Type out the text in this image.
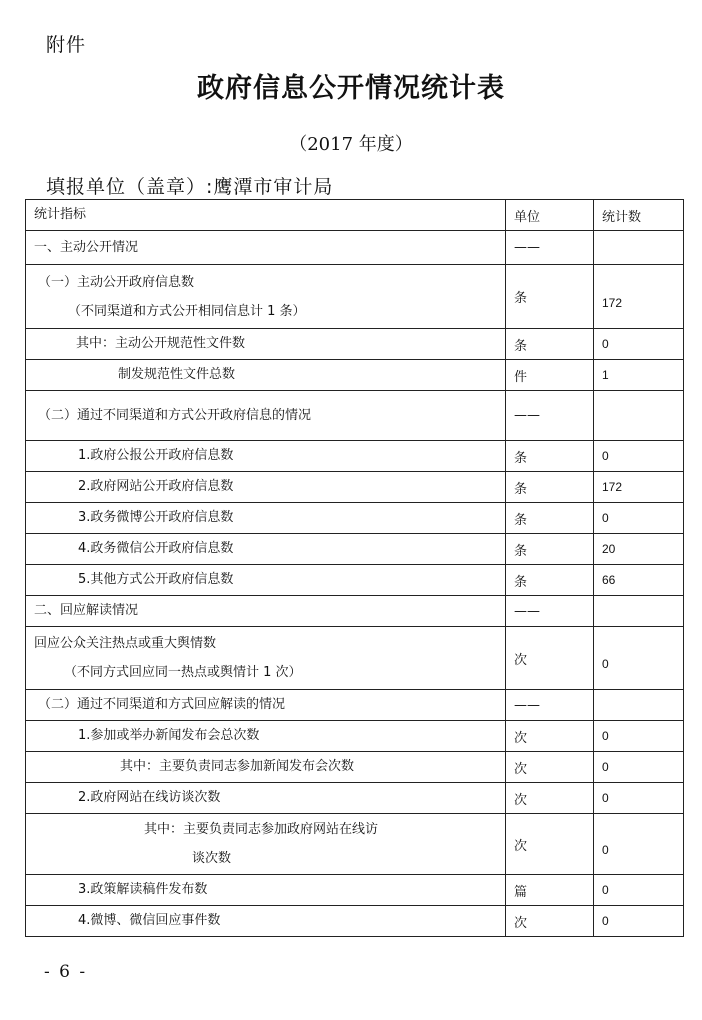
附件
政府信息公开情况统计表
（2017 年度）
填报单位（盖章）:鹰潭市审计局
统计指标	单位	统计数
一、主动公开情况	——	

（一）主动公开政府信息数
（不同渠道和方式公开相同信息计 1 条）	条	172
其中：主动公开规范性文件数	条	0
制发规范性文件总数	件	1
（二）通过不同渠道和方式公开政府信息的情况	——	
1.政府公报公开政府信息数	条	0
2.政府网站公开政府信息数	条	172
3.政务微博公开政府信息数	条	0
4.政务微信公开政府信息数	条	20
5.其他方式公开政府信息数	条	66
二、回应解读情况	——	

回应公众关注热点或重大舆情数
（不同方式回应同一热点或舆情计 1 次）	次	0
（二）通过不同渠道和方式回应解读的情况	——	
1.参加或举办新闻发布会总次数	次	0
其中：主要负责同志参加新闻发布会次数	次	0
2.政府网站在线访谈次数	次	0

其中：主要负责同志参加政府网站在线访
谈次数	次	0
3.政策解读稿件发布数	篇	0
4.微博、微信回应事件数	次	0
- 6 -
